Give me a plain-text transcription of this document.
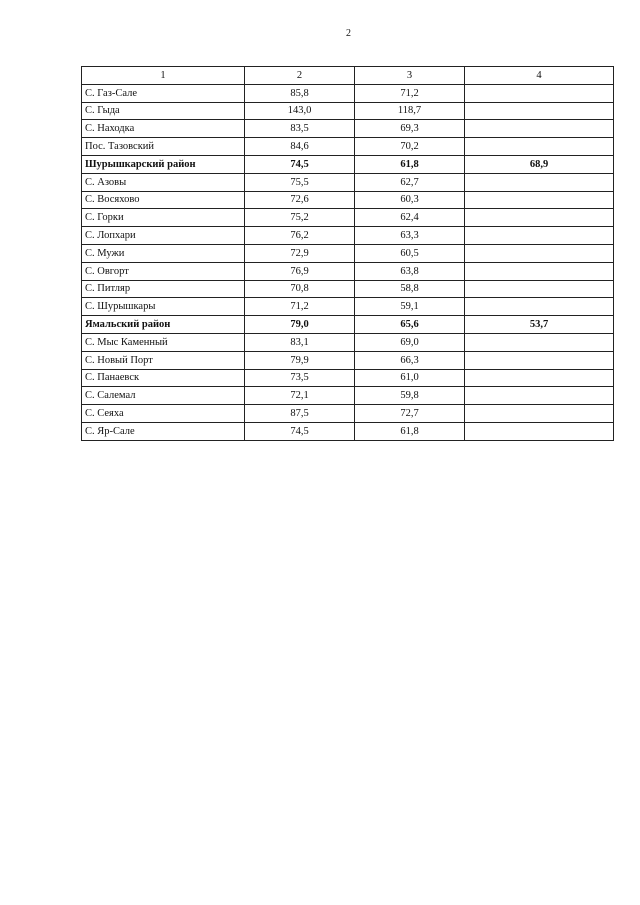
2
1	2	3	4
С. Газ-Сале	85,8	71,2	
С. Гыда	143,0	118,7	
С. Находка	83,5	69,3	
Пос. Тазовский	84,6	70,2	
Шурышкарский район	74,5	61,8	68,9
С. Азовы	75,5	62,7	
С. Восяхово	72,6	60,3	
С. Горки	75,2	62,4	
С. Лопхари	76,2	63,3	
С. Мужи	72,9	60,5	
С. Овгорт	76,9	63,8	
С. Питляр	70,8	58,8	
С. Шурышкары	71,2	59,1	
Ямальский район	79,0	65,6	53,7
С. Мыс Каменный	83,1	69,0	
С. Новый Порт	79,9	66,3	
С. Панаевск	73,5	61,0	
С. Салемал	72,1	59,8	
С. Сеяха	87,5	72,7	
С. Яр-Сале	74,5	61,8	
